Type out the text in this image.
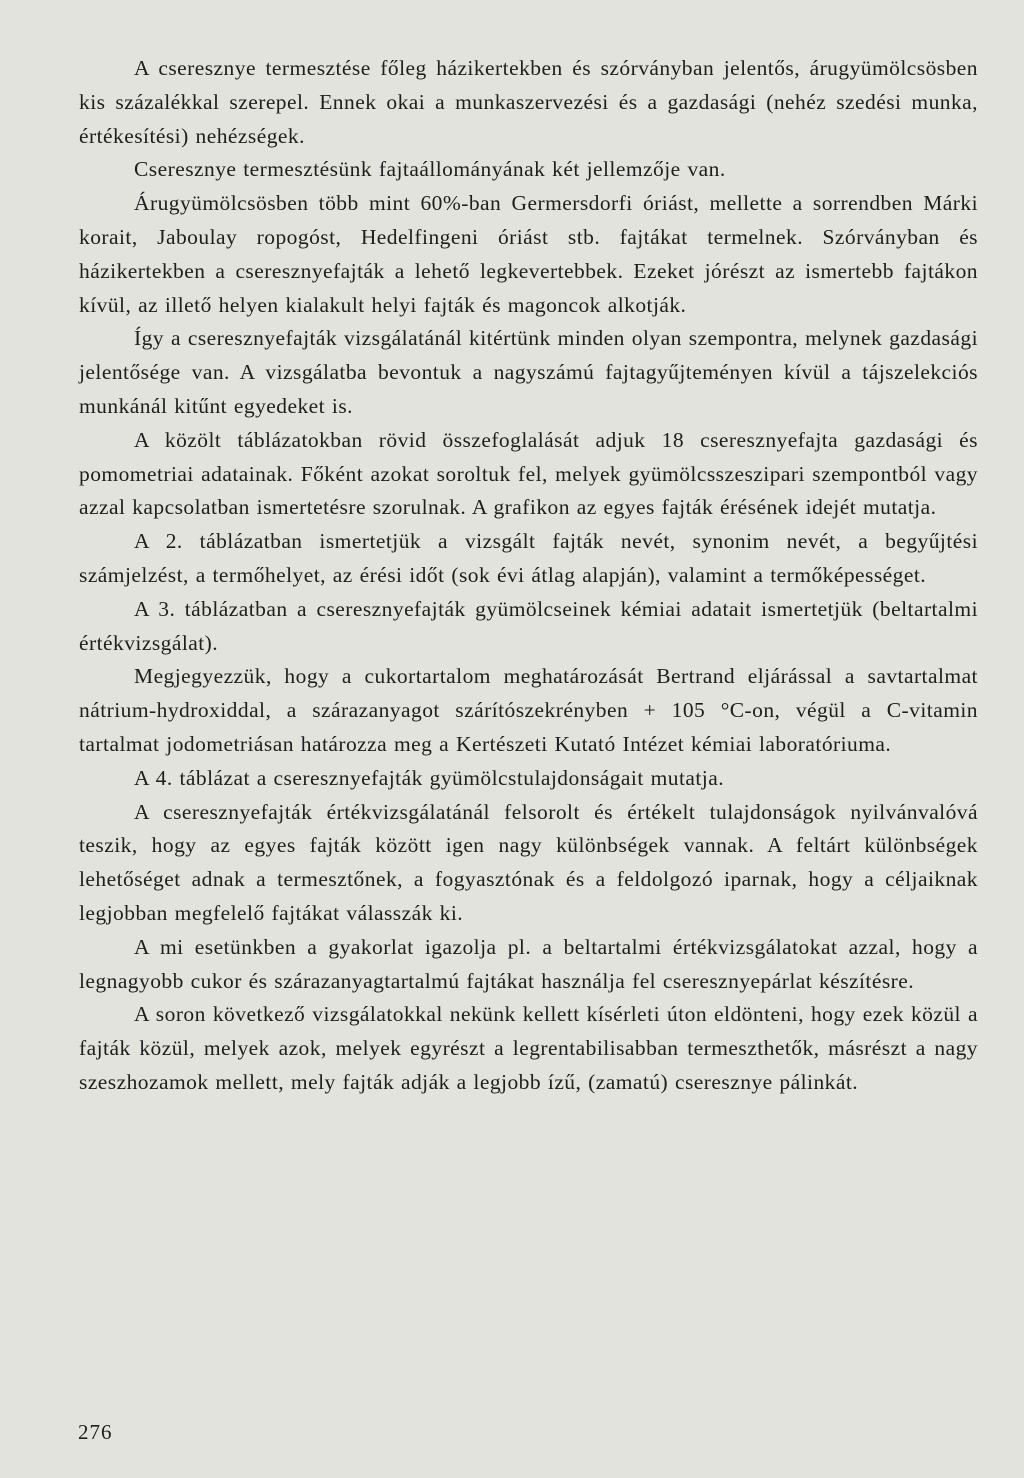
A cseresznye termesztése főleg házikertekben és szórványban jelentős, árugyümölcsösben kis százalékkal szerepel. Ennek okai a munkaszervezési és a gazdasági (nehéz szedési munka, értékesítési) nehézségek.

Cseresznye termesztésünk fajtaállományának két jellemzője van.

Árugyümölcsösben több mint 60%-ban Germersdorfi óriást, mellette a sorrendben Márki korait, Jaboulay ropogóst, Hedelfingeni óriást stb. fajtákat termelnek. Szórványban és házikertekben a cseresznyefajták a lehető legkevertebbek. Ezeket jórészt az ismertebb fajtákon kívül, az illető helyen kialakult helyi fajták és magoncok alkotják.

Így a cseresznyefajták vizsgálatánál kitértünk minden olyan szempontra, melynek gazdasági jelentősége van. A vizsgálatba bevontuk a nagyszámú fajtagyűjteményen kívül a tájszelekciós munkánál kitűnt egyedeket is.

A közölt táblázatokban rövid összefoglalását adjuk 18 cseresznyefajta gazdasági és pomometriai adatainak. Főként azokat soroltuk fel, melyek gyümölcsszeszipari szempontból vagy azzal kapcsolatban ismertetésre szorulnak. A grafikon az egyes fajták érésének idejét mutatja.

A 2. táblázatban ismertetjük a vizsgált fajták nevét, synonim nevét, a begyűjtési számjelzést, a termőhelyet, az érési időt (sok évi átlag alapján), valamint a termőképességet.

A 3. táblázatban a cseresznyefajták gyümölcseinek kémiai adatait ismertetjük (beltartalmi értékvizsgálat).

Megjegyezzük, hogy a cukortartalom meghatározását Bertrand eljárással a savtartalmat nátrium-hydroxiddal, a szárazanyagot szárítószekrényben + 105 °C-on, végül a C-vitamin tartalmat jodometriásan határozza meg a Kertészeti Kutató Intézet kémiai laboratóriuma.

A 4. táblázat a cseresznyefajták gyümölcstulajdonságait mutatja.

A cseresznyefajták értékvizsgálatánál felsorolt és értékelt tulajdonságok nyilvánvalóvá teszik, hogy az egyes fajták között igen nagy különbségek vannak. A feltárt különbségek lehetőséget adnak a termesztőnek, a fogyasztónak és a feldolgozó iparnak, hogy a céljaiknak legjobban megfelelő fajtákat válasszák ki.

A mi esetünkben a gyakorlat igazolja pl. a beltartalmi értékvizsgálatokat azzal, hogy a legnagyobb cukor és szárazanyagtartalmú fajtákat használja fel cseresznyepárlat készítésre.

A soron következő vizsgálatokkal nekünk kellett kísérleti úton eldönteni, hogy ezek közül a fajták közül, melyek azok, melyek egyrészt a legrentabilisabban termeszthetők, másrészt a nagy szeszhozamok mellett, mely fajták adják a legjobb ízű, (zamatú) cseresznye pálinkát.

276
